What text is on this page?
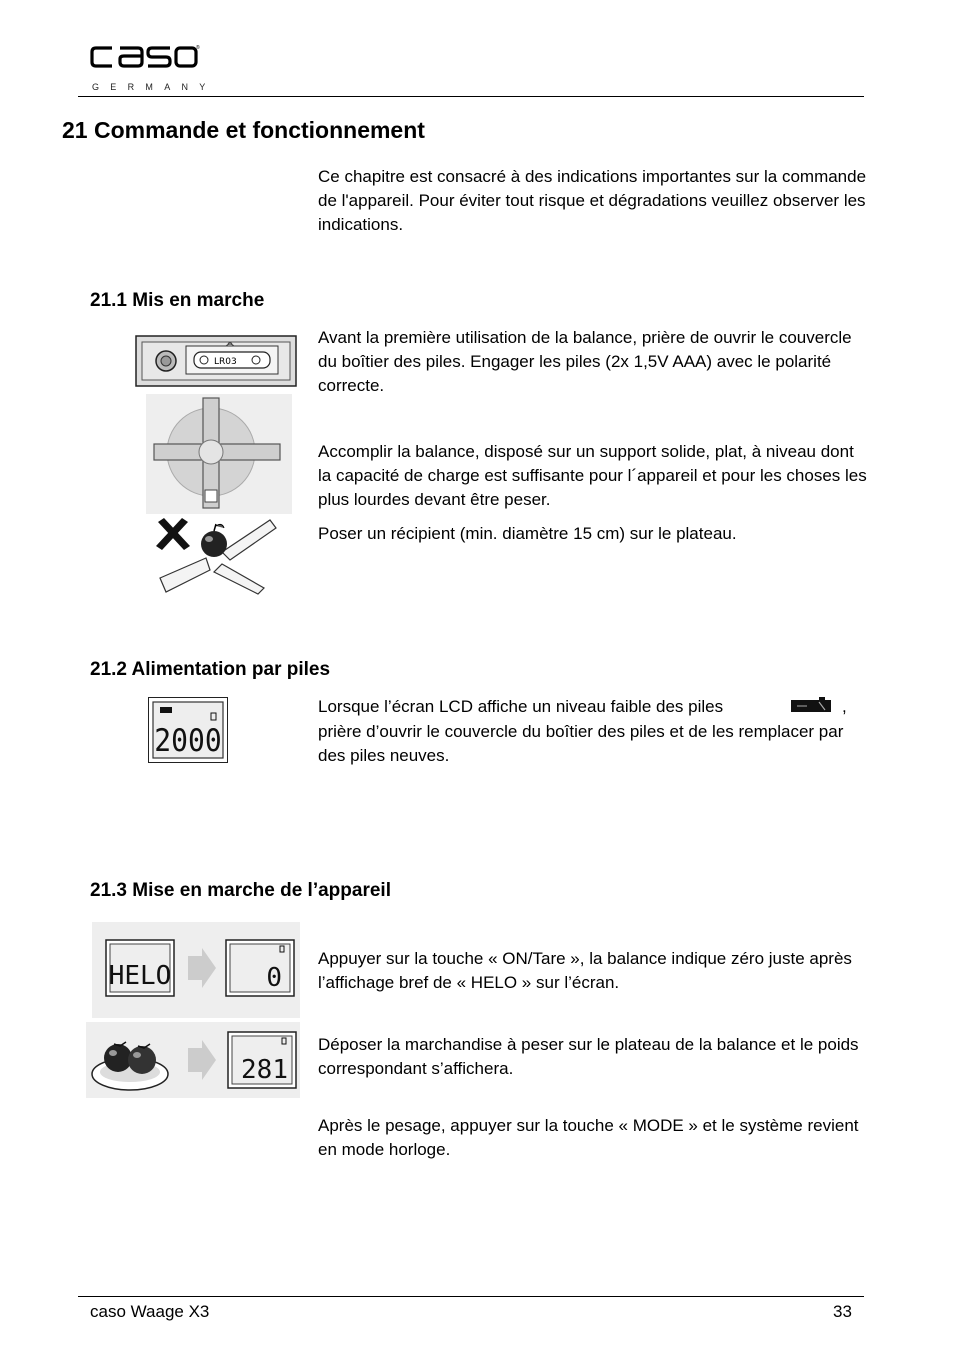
®
caso
GERMANY
21 Commande et fonctionnement
Ce chapitre est consacré à des indications importantes sur la commande de l'appareil. Pour éviter tout risque et dégradations veuillez observer les indications.
21.1 Mis en marche
LR03
Avant la première utilisation de la balance, prière de ouvrir le couvercle du boîtier des piles. Engager les piles (2x 1,5V AAA) avec le polarité correcte.
Accomplir la balance, disposé sur un support solide, plat, à niveau dont la capacité de charge est suffisante pour l´appareil et pour les choses les plus lourdes devant être peser.
Poser un récipient (min. diamètre 15 cm) sur le plateau.
21.2 Alimentation par piles
2000
Lorsque l’écran LCD affiche un niveau faible des piles	,
prière d’ouvrir le couvercle du boîtier des piles et de les remplacer par des piles neuves.
21.3 Mise en marche de l’appareil
HELO	0
Appuyer sur la touche « ON/Tare », la balance indique zéro juste après l’affichage bref de « HELO » sur l’écran.
281
Déposer la marchandise à peser sur le plateau de la balance et le poids correspondant s’affichera.
Après le pesage, appuyer sur la touche « MODE » et le système revient en mode horloge.
caso Waage X3	33
